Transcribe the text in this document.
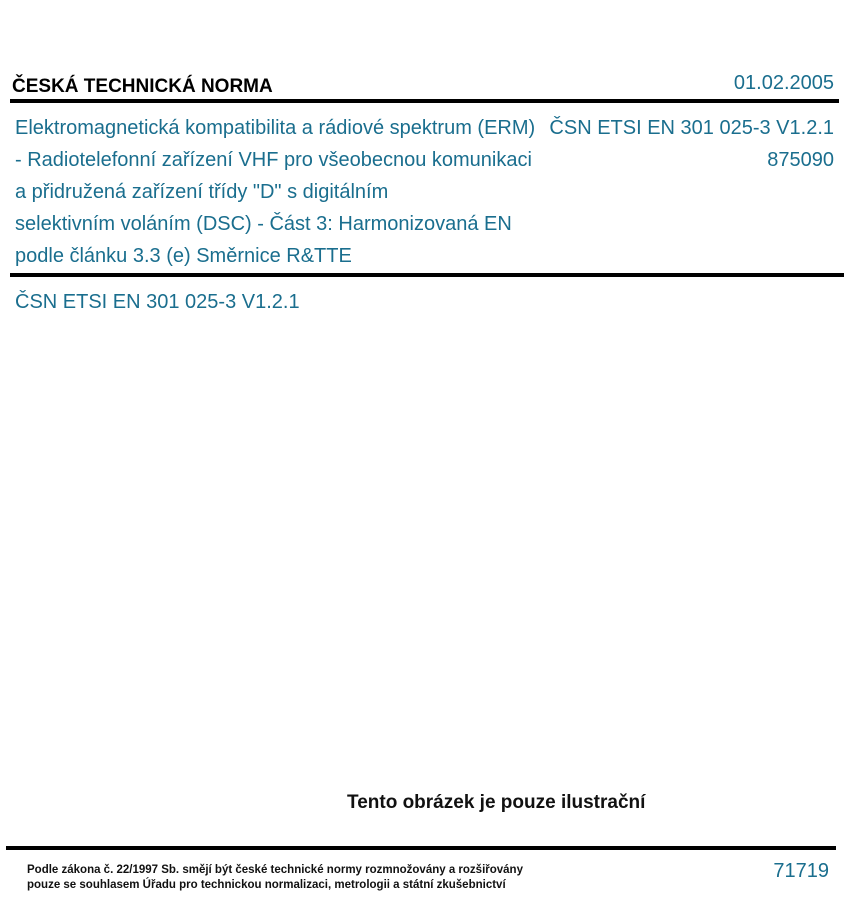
ČESKÁ TECHNICKÁ NORMA	01.02.2005
Elektromagnetická kompatibilita a rádiové spektrum (ERM)
- Radiotelefonní zařízení VHF pro všeobecnou komunikaci
a přidružená zařízení třídy "D" s digitálním
selektivním voláním (DSC) - Část 3: Harmonizovaná EN
podle článku 3.3 (e) Směrnice R&TTE
ČSN ETSI EN 301 025-3 V1.2.1
875090
ČSN ETSI EN 301 025-3 V1.2.1
Tento obrázek je pouze ilustrační
Podle zákona č. 22/1997 Sb. smějí být české technické normy rozmnožovány a rozšiřovány
pouze se souhlasem Úřadu pro technickou normalizaci, metrologii a státní zkušebnictví
71719
